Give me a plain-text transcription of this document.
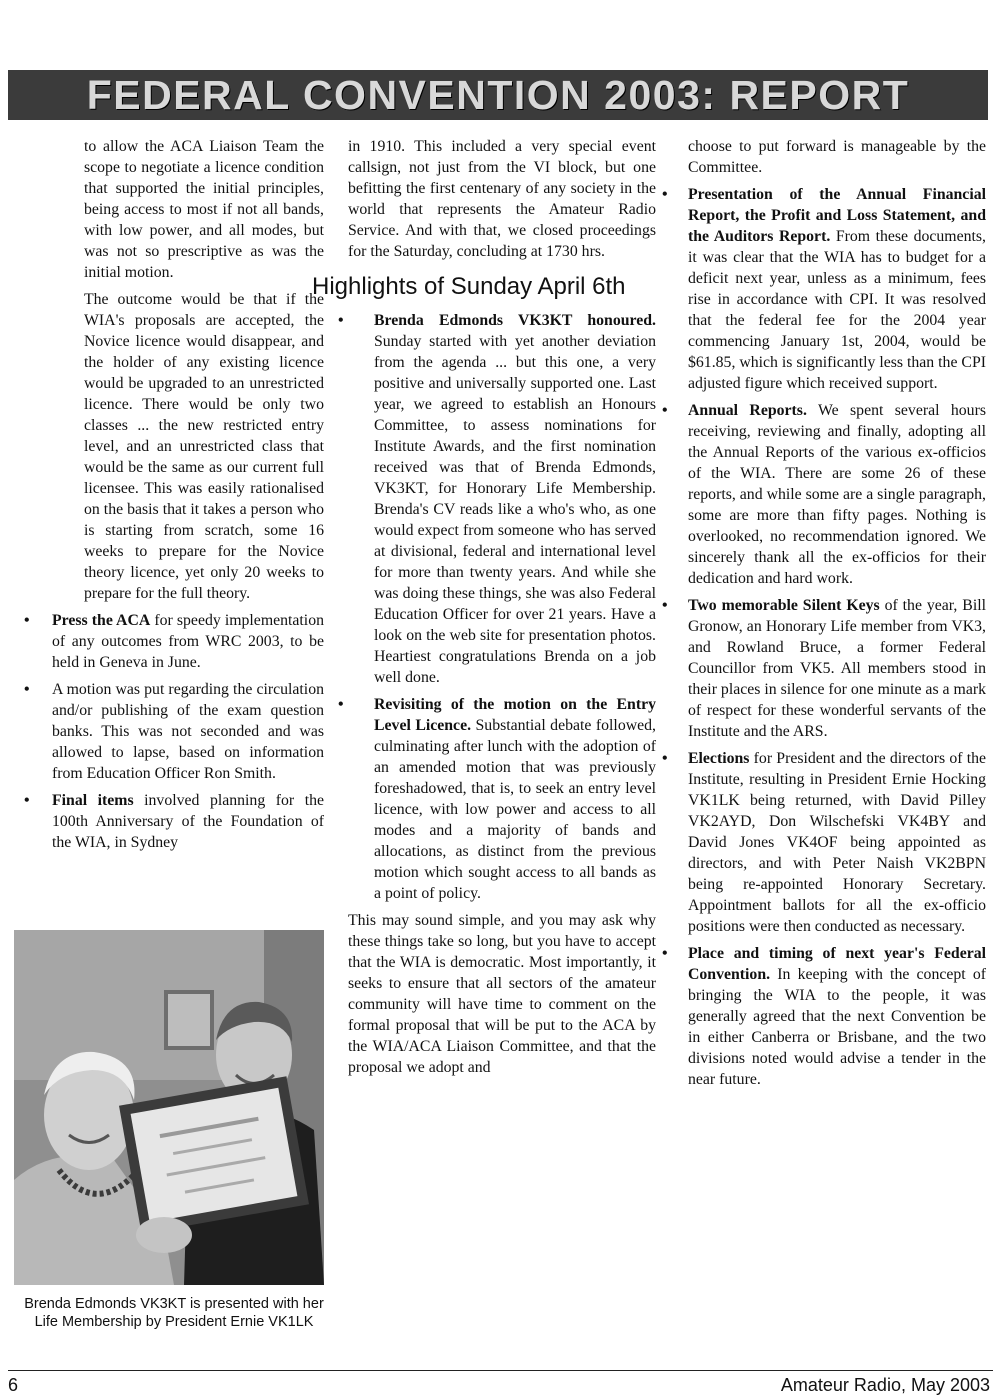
FEDERAL CONVENTION 2003: REPORT

to allow the ACA Liaison Team the scope to negotiate a licence condition that supported the initial principles, being access to most if not all bands, with low power, and all modes, but was not so prescriptive as was the initial motion.

The outcome would be that if the WIA's proposals are accepted, the Novice licence would disappear, and the holder of any existing licence would be upgraded to an unrestricted licence. There would be only two classes ... the new restricted entry level, and an unrestricted class that would be the same as our current full licensee. This was easily rationalised on the basis that it takes a person who is starting from scratch, some 16 weeks to prepare for the Novice theory licence, yet only 20 weeks to prepare for the full theory.

• Press the ACA for speedy implementation of any outcomes from WRC 2003, to be held in Geneva in June.
• A motion was put regarding the circulation and/or publishing of the exam question banks. This was not seconded and was allowed to lapse, based on information from Education Officer Ron Smith.
• Final items involved planning for the 100th Anniversary of the Foundation of the WIA, in Sydney
Brenda Edmonds VK3KT is presented with her Life Membership by President Ernie VK1LK

in 1910. This included a very special event callsign, not just from the VI block, but one befitting the first centenary of any society in the world that represents the Amateur Radio Service. And with that, we closed proceedings for the Saturday, concluding at 1730 hrs.

Highlights of Sunday April 6th
• Brenda Edmonds VK3KT honoured. Sunday started with yet another deviation from the agenda ... but this one, a very positive and universally supported one. Last year, we agreed to establish an Honours Committee, to assess nominations for Institute Awards, and the first nomination received was that of Brenda Edmonds, VK3KT, for Honorary Life Membership. Brenda's CV reads like a who's who, as one would expect from someone who has served at divisional, federal and international level for more than twenty years. And while she was doing these things, she was also Federal Education Officer for over 21 years. Have a look on the web site for presentation photos. Heartiest congratulations Brenda on a job well done.
• Revisiting of the motion on the Entry Level Licence. Substantial debate followed, culminating after lunch with the adoption of an amended motion that was previously foreshadowed, that is, to seek an entry level licence, with low power and access to all modes and a majority of bands and allocations, as distinct from the previous motion which sought access to all bands as a point of policy.

This may sound simple, and you may ask why these things take so long, but you have to accept that the WIA is democratic. Most importantly, it seeks to ensure that all sectors of the amateur community will have time to comment on the formal proposal that will be put to the ACA by the WIA/ACA Liaison Committee, and that the proposal we adopt and

choose to put forward is manageable by the Committee.

• Presentation of the Annual Financial Report, the Profit and Loss Statement, and the Auditors Report. From these documents, it was clear that the WIA has to budget for a deficit next year, unless as a minimum, fees rise in accordance with CPI. It was resolved that the federal fee for the 2004 year commencing January 1st, 2004, would be $61.85, which is significantly less than the CPI adjusted figure which received support.
• Annual Reports. We spent several hours receiving, reviewing and finally, adopting all the Annual Reports of the various ex-officios of the WIA. There are some 26 of these reports, and while some are a single paragraph, some are more than fifty pages. Nothing is overlooked, no recommendation ignored. We sincerely thank all the ex-officios for their dedication and hard work.
• Two memorable Silent Keys of the year, Bill Gronow, an Honorary Life member from VK3, and Rowland Bruce, a former Federal Councillor from VK5. All members stood in their places in silence for one minute as a mark of respect for these wonderful servants of the Institute and the ARS.
• Elections for President and the directors of the Institute, resulting in President Ernie Hocking VK1LK being returned, with David Pilley VK2AYD, Don Wilschefski VK4BY and David Jones VK4OF being appointed as directors, and with Peter Naish VK2BPN being re-appointed Honorary Secretary. Appointment ballots for all the ex-officio positions were then conducted as necessary.
• Place and timing of next year's Federal Convention. In keeping with the concept of bringing the WIA to the people, it was generally agreed that the next Convention be in either Canberra or Brisbane, and the two divisions noted would advise a tender in the near future.
6	Amateur Radio, May 2003
